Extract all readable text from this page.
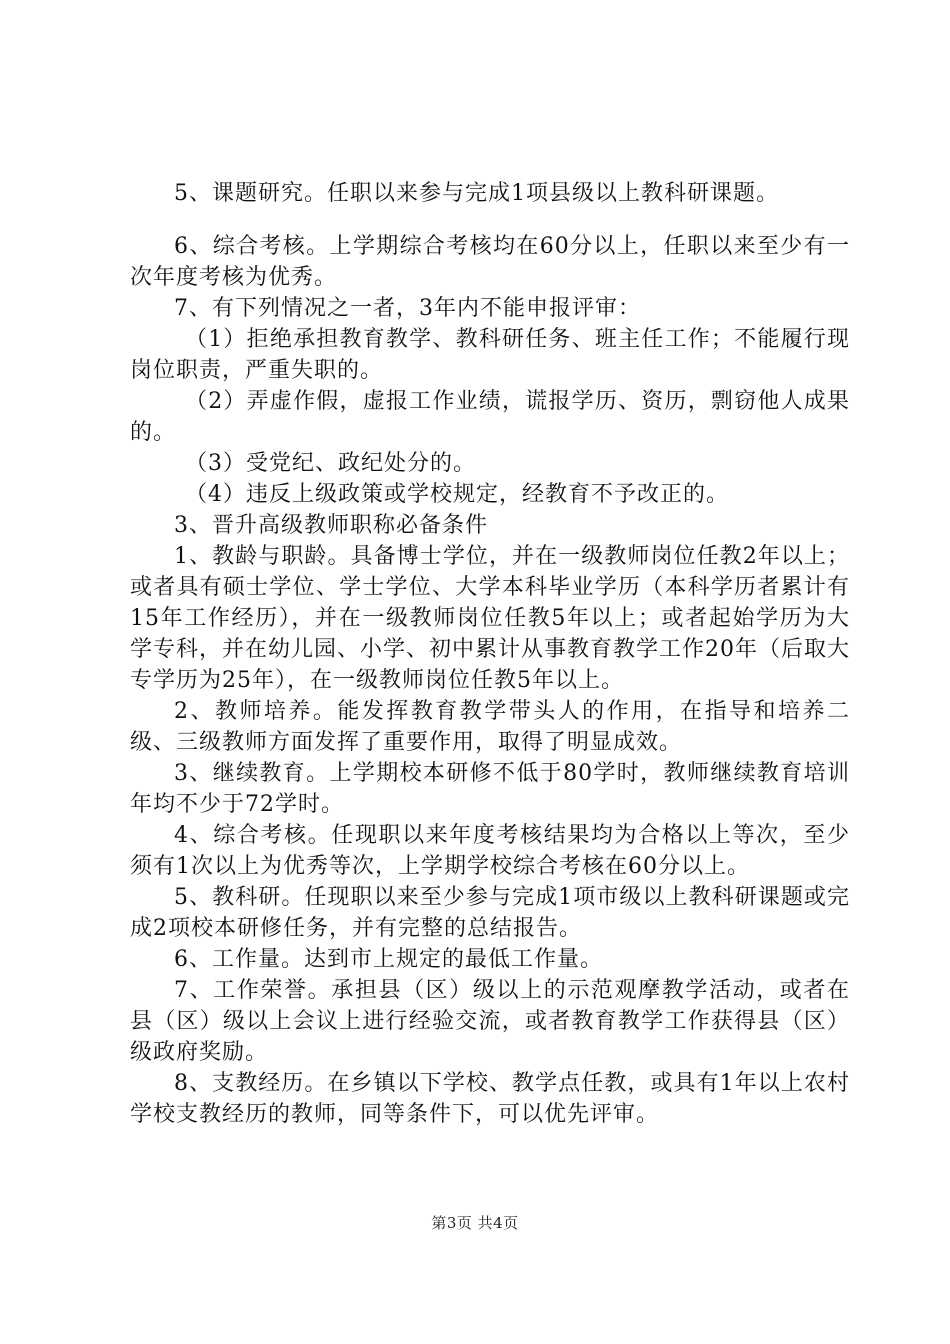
5、课题研究。任职以来参与完成1项县级以上教科研课题。

6、综合考核。上学期综合考核均在60分以上，任职以来至少有一次年度考核为优秀。

7、有下列情况之一者，3年内不能申报评审：

（1）拒绝承担教育教学、教科研任务、班主任工作；不能履行现岗位职责，严重失职的。

（2）弄虚作假，虚报工作业绩，谎报学历、资历，剽窃他人成果的。

（3）受党纪、政纪处分的。

（4）违反上级政策或学校规定，经教育不予改正的。

3、晋升高级教师职称必备条件

1、教龄与职龄。具备博士学位，并在一级教师岗位任教2年以上；或者具有硕士学位、学士学位、大学本科毕业学历（本科学历者累计有15年工作经历），并在一级教师岗位任教5年以上；或者起始学历为大学专科，并在幼儿园、小学、初中累计从事教育教学工作20年（后取大专学历为25年），在一级教师岗位任教5年以上。

2、教师培养。能发挥教育教学带头人的作用，在指导和培养二级、三级教师方面发挥了重要作用，取得了明显成效。

3、继续教育。上学期校本研修不低于80学时，教师继续教育培训年均不少于72学时。

4、综合考核。任现职以来年度考核结果均为合格以上等次，至少须有1次以上为优秀等次，上学期学校综合考核在60分以上。

5、教科研。任现职以来至少参与完成1项市级以上教科研课题或完成2项校本研修任务，并有完整的总结报告。

6、工作量。达到市上规定的最低工作量。

7、工作荣誉。承担县（区）级以上的示范观摩教学活动，或者在县（区）级以上会议上进行经验交流，或者教育教学工作获得县（区）级政府奖励。

8、支教经历。在乡镇以下学校、教学点任教，或具有1年以上农村学校支教经历的教师，同等条件下，可以优先评审。

第3页 共4页
